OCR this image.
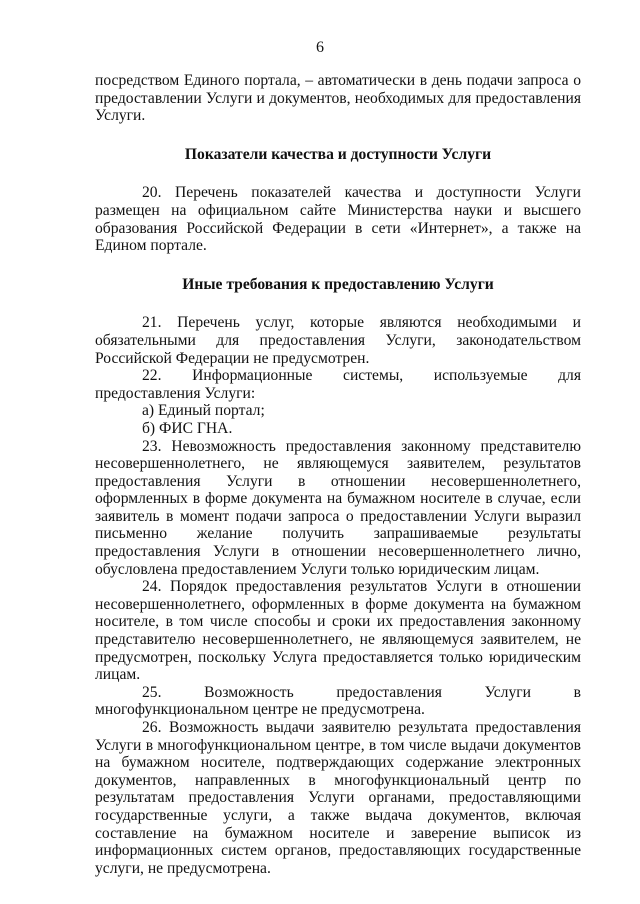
6

посредством Единого портала, – автоматически в день подачи запроса о предоставлении Услуги и документов, необходимых для предоставления Услуги.

Показатели качества и доступности Услуги

20. Перечень показателей качества и доступности Услуги размещен на официальном сайте Министерства науки и высшего образования Российской Федерации в сети «Интернет», а также на Едином портале.

Иные требования к предоставлению Услуги

21. Перечень услуг, которые являются необходимыми и обязательными для предоставления Услуги, законодательством Российской Федерации не предусмотрен.

22. Информационные системы, используемые для предоставления Услуги:

а) Единый портал;

б) ФИС ГНА.

23. Невозможность предоставления законному представителю несовершеннолетнего, не являющемуся заявителем, результатов предоставления Услуги в отношении несовершеннолетнего, оформленных в форме документа на бумажном носителе в случае, если заявитель в момент подачи запроса о предоставлении Услуги выразил письменно желание получить запрашиваемые результаты предоставления Услуги в отношении несовершеннолетнего лично, обусловлена предоставлением Услуги только юридическим лицам.

24. Порядок предоставления результатов Услуги в отношении несовершеннолетнего, оформленных в форме документа на бумажном носителе, в том числе способы и сроки их предоставления законному представителю несовершеннолетнего, не являющемуся заявителем, не предусмотрен, поскольку Услуга предоставляется только юридическим лицам.

25. Возможность предоставления Услуги в многофункциональном центре не предусмотрена.

26. Возможность выдачи заявителю результата предоставления Услуги в многофункциональном центре, в том числе выдачи документов на бумажном носителе, подтверждающих содержание электронных документов, направленных в многофункциональный центр по результатам предоставления Услуги органами, предоставляющими государственные услуги, а также выдача документов, включая составление на бумажном носителе и заверение выписок из информационных систем органов, предоставляющих государственные услуги, не предусмотрена.
